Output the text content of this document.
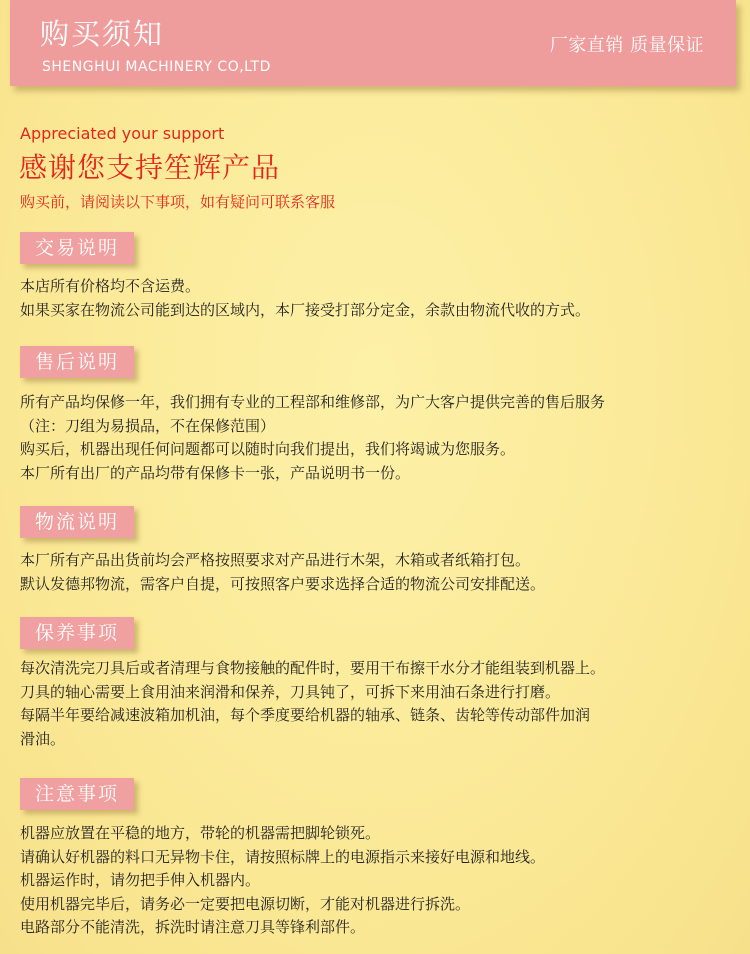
购买须知
SHENGHUI MACHINERY CO,LTD
厂家直销 质量保证
Appreciated your support
感谢您支持笙辉产品
购买前，请阅读以下事项，如有疑问可联系客服
交易说明
本店所有价格均不含运费。
如果买家在物流公司能到达的区域内，本厂接受打部分定金，余款由物流代收的方式。
售后说明
所有产品均保修一年，我们拥有专业的工程部和维修部，为广大客户提供完善的售后服务
（注：刀组为易损品，不在保修范围）
购买后，机器出现任何问题都可以随时向我们提出，我们将竭诚为您服务。
本厂所有出厂的产品均带有保修卡一张，产品说明书一份。
物流说明
本厂所有产品出货前均会严格按照要求对产品进行木架，木箱或者纸箱打包。
默认发德邦物流，需客户自提，可按照客户要求选择合适的物流公司安排配送。
保养事项
每次清洗完刀具后或者清理与食物接触的配件时，要用干布擦干水分才能组装到机器上。
刀具的轴心需要上食用油来润滑和保养，刀具钝了，可拆下来用油石条进行打磨。
每隔半年要给减速波箱加机油，每个季度要给机器的轴承、链条、齿轮等传动部件加润
滑油。
注意事项
机器应放置在平稳的地方，带轮的机器需把脚轮锁死。
请确认好机器的料口无异物卡住，请按照标牌上的电源指示来接好电源和地线。
机器运作时，请勿把手伸入机器内。
使用机器完毕后，请务必一定要把电源切断，才能对机器进行拆洗。
电路部分不能清洗，拆洗时请注意刀具等锋利部件。
